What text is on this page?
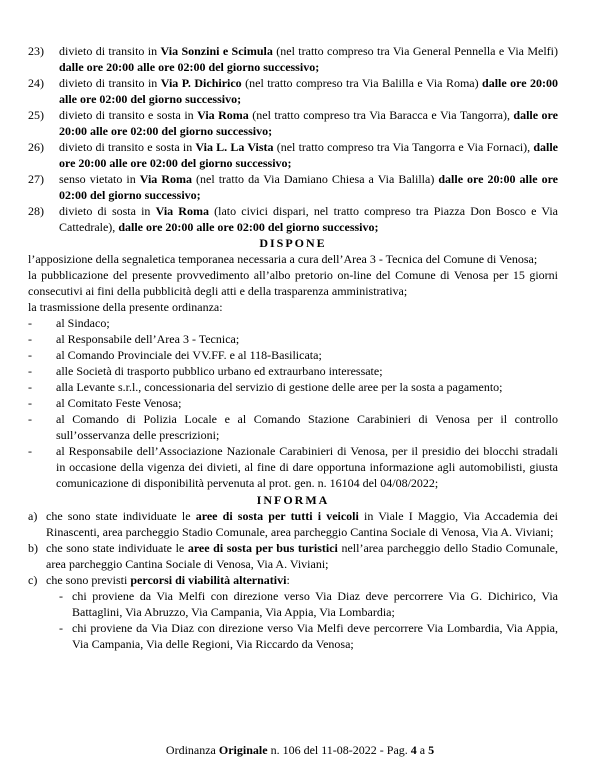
23)	divieto di transito in Via Sonzini e Scimula (nel tratto compreso tra Via General Pennella e Via Melfi) dalle ore 20:00 alle ore 02:00 del giorno successivo;
24)	divieto di transito in Via P. Dichirico (nel tratto compreso tra Via Balilla e Via Roma) dalle ore 20:00 alle ore 02:00 del giorno successivo;
25)	divieto di transito e sosta in Via Roma (nel tratto compreso tra Via Baracca e Via Tangorra), dalle ore 20:00 alle ore 02:00 del giorno successivo;
26)	divieto di transito e sosta in Via L. La Vista (nel tratto compreso tra Via Tangorra e Via Fornaci), dalle ore 20:00 alle ore 02:00 del giorno successivo;
27)	senso vietato in Via Roma (nel tratto da Via Damiano Chiesa a Via Balilla) dalle ore 20:00 alle ore 02:00 del giorno successivo;
28)	divieto di sosta in Via Roma (lato civici dispari, nel tratto compreso tra Piazza Don Bosco e Via Cattedrale), dalle ore 20:00 alle ore 02:00 del giorno successivo;
DISPONE

l’apposizione della segnaletica temporanea necessaria a cura dell’Area 3 - Tecnica del Comune di Venosa;

la pubblicazione del presente provvedimento all’albo pretorio on-line del Comune di Venosa per 15 giorni consecutivi ai fini della pubblicità degli atti e della trasparenza amministrativa;

la trasmissione della presente ordinanza:

-	al Sindaco;
-	al Responsabile dell’Area 3 - Tecnica;
-	al Comando Provinciale dei VV.FF. e al 118-Basilicata;
-	alle Società di trasporto pubblico urbano ed extraurbano interessate;
-	alla Levante s.r.l., concessionaria del servizio di gestione delle aree per la sosta a pagamento;
-	al Comitato Feste Venosa;
-	al Comando di Polizia Locale e al Comando Stazione Carabinieri di Venosa per il controllo sull’osservanza delle prescrizioni;
-	al Responsabile dell’Associazione Nazionale Carabinieri di Venosa, per il presidio dei blocchi stradali in occasione della vigenza dei divieti, al fine di dare opportuna informazione agli automobilisti, giusta comunicazione di disponibilità pervenuta al prot. gen. n. 16104 del 04/08/2022;
INFORMA
a) che sono state individuate le aree di sosta per tutti i veicoli in Viale I Maggio, Via Accademia dei Rinascenti, area parcheggio Stadio Comunale, area parcheggio Cantina Sociale di Venosa, Via A. Viviani;
b) che sono state individuate le aree di sosta per bus turistici nell’area parcheggio dello Stadio Comunale, area parcheggio Cantina Sociale di Venosa, Via A. Viviani;
c) che sono previsti percorsi di viabilità alternativi:
- chi proviene da Via Melfi con direzione verso Via Diaz deve percorrere Via G. Dichirico, Via Battaglini, Via Abruzzo, Via Campania, Via Appia, Via Lombardia;
- chi proviene da Via Diaz con direzione verso Via Melfi deve percorrere Via Lombardia, Via Appia, Via Campania, Via delle Regioni, Via Riccardo da Venosa;
Ordinanza Originale n. 106 del 11-08-2022 - Pag. 4 a 5
